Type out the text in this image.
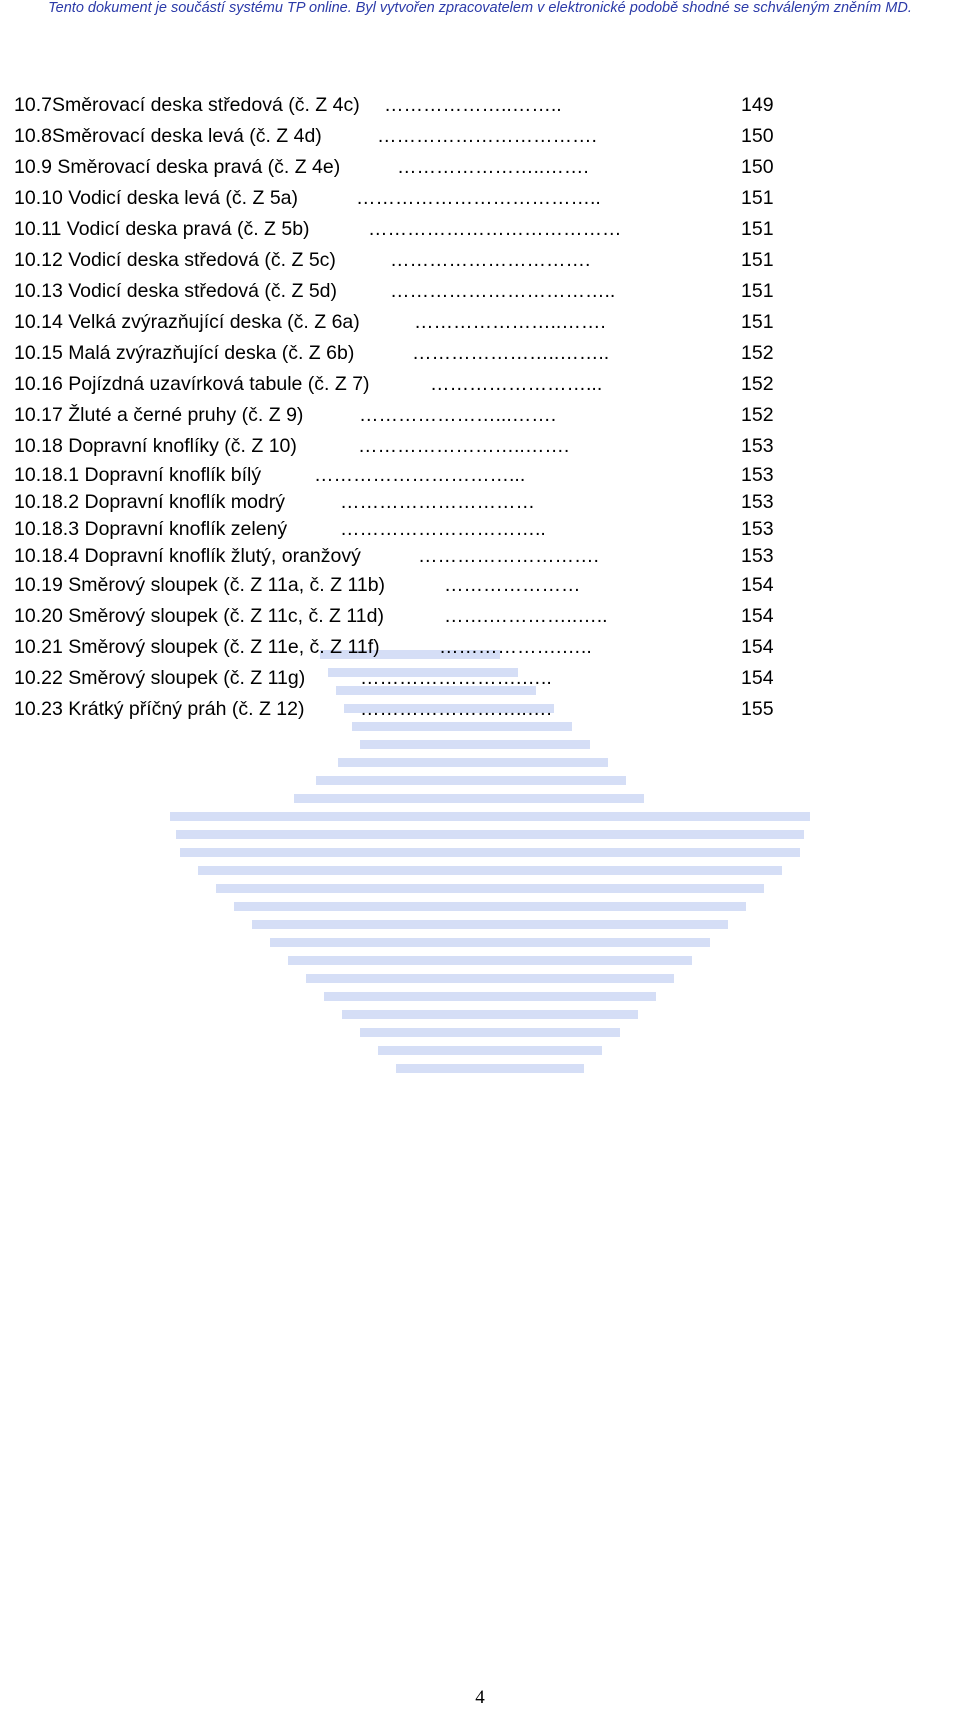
Tento dokument je součástí systému TP online. Byl vytvořen zpracovatelem v elektronické podobě shodné se schváleným zněním MD.
10.7Směrovací deska středová (č. Z 4c) ………………..……..	149
10.8Směrovací deska levá (č. Z 4d)	…………………………….	150
10.9 Směrovací deska pravá (č. Z 4e)	…………………..…….	150
10.10 Vodicí deska levá (č. Z 5a)	………………………………..	151
10.11 Vodicí deska pravá (č. Z 5b)	…………………………………	151
10.12 Vodicí deska středová (č. Z 5c)	………………………….	151
10.13 Vodicí deska středová (č. Z 5d)	……………………………..	151
10.14 Velká zvýrazňující deska (č. Z 6a)	…………………..…….	151
10.15 Malá zvýrazňující deska (č. Z 6b)	…………………..……..	152
10.16 Pojízdná uzavírková tabule (č. Z 7)	……………………...	152
10.17 Žluté a černé pruhy (č. Z 9)	…………………...…….	152
10.18 Dopravní knoflíky (č. Z 10)	……………………..…….	153
10.18.1 Dopravní knoflík bílý	…………………………...	153
10.18.2 Dopravní knoflík modrý	…………………………	153
10.18.3 Dopravní knoflík zelený	…………………………..	153
10.18.4 Dopravní knoflík žlutý, oranžový	……………………….	153
10.19 Směrový sloupek (č. Z 11a, č. Z 11b)	…………………	154
10.20 Směrový sloupek (č. Z 11c, č. Z 11d)	…….…………..…..	154
10.21 Směrový sloupek (č. Z 11e, č. Z 11f)	……………….…..	154
10.22 Směrový sloupek (č. Z 11g)	…………………….…..	154
10.23 Krátký příčný práh (č. Z 12)	……………………..….	155
4
